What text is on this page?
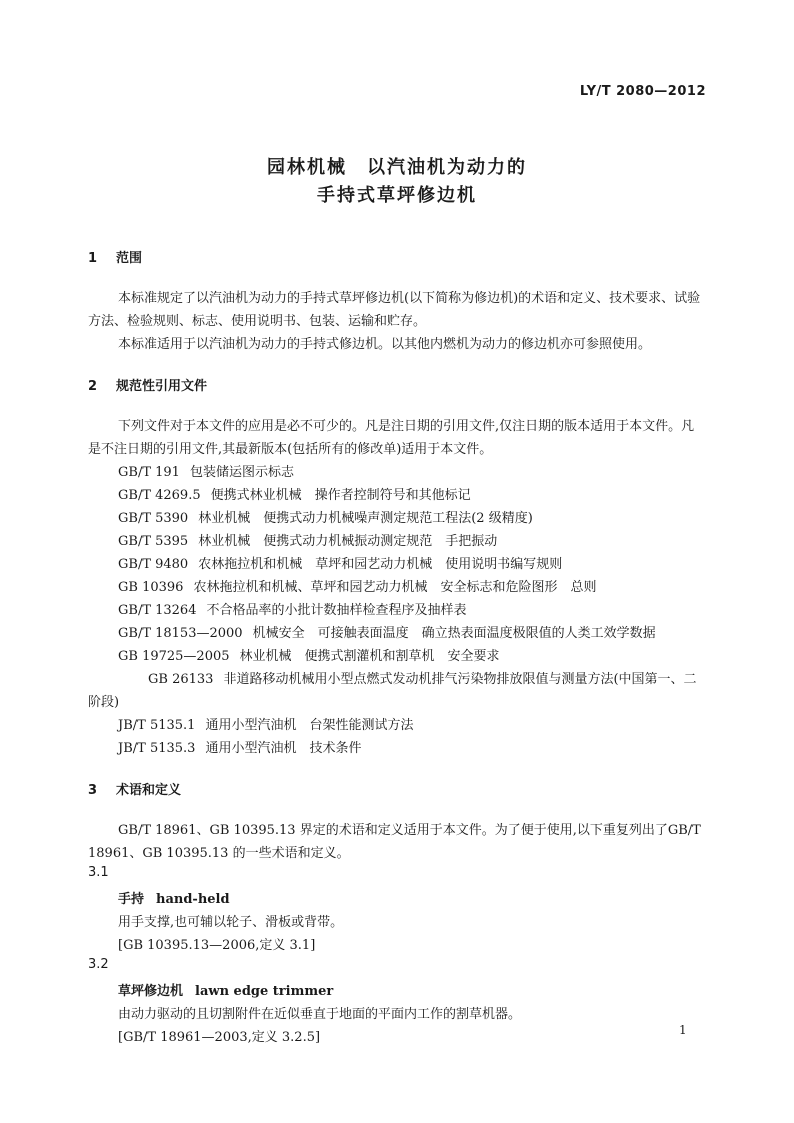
LY/T 2080—2012
园林机械　以汽油机为动力的
手持式草坪修边机
1 范围
本标准规定了以汽油机为动力的手持式草坪修边机(以下简称为修边机)的术语和定义、技术要求、试验方法、检验规则、标志、使用说明书、包装、运输和贮存。
本标准适用于以汽油机为动力的手持式修边机。以其他内燃机为动力的修边机亦可参照使用。
2 规范性引用文件
下列文件对于本文件的应用是必不可少的。凡是注日期的引用文件,仅注日期的版本适用于本文件。凡是不注日期的引用文件,其最新版本(包括所有的修改单)适用于本文件。
GB/T 191 包装储运图示标志
GB/T 4269.5 便携式林业机械　操作者控制符号和其他标记
GB/T 5390 林业机械　便携式动力机械噪声测定规范工程法(2 级精度)
GB/T 5395 林业机械　便携式动力机械振动测定规范　手把振动
GB/T 9480 农林拖拉机和机械　草坪和园艺动力机械　使用说明书编写规则
GB 10396 农林拖拉机和机械、草坪和园艺动力机械　安全标志和危险图形　总则
GB/T 13264 不合格品率的小批计数抽样检查程序及抽样表
GB/T 18153—2000 机械安全　可接触表面温度　确立热表面温度极限值的人类工效学数据
GB 19725—2005 林业机械　便携式割灌机和割草机　安全要求
GB 26133 非道路移动机械用小型点燃式发动机排气污染物排放限值与测量方法(中国第一、二阶段)
JB/T 5135.1 通用小型汽油机　台架性能测试方法
JB/T 5135.3 通用小型汽油机　技术条件
3 术语和定义
GB/T 18961、GB 10395.13 界定的术语和定义适用于本文件。为了便于使用,以下重复列出了GB/T 18961、GB 10395.13 的一些术语和定义。
3.1
手持 hand-held
用手支撑,也可辅以轮子、滑板或背带。
[GB 10395.13—2006,定义 3.1]
3.2
草坪修边机 lawn edge trimmer
由动力驱动的且切割附件在近似垂直于地面的平面内工作的割草机器。
[GB/T 18961—2003,定义 3.2.5]	1
